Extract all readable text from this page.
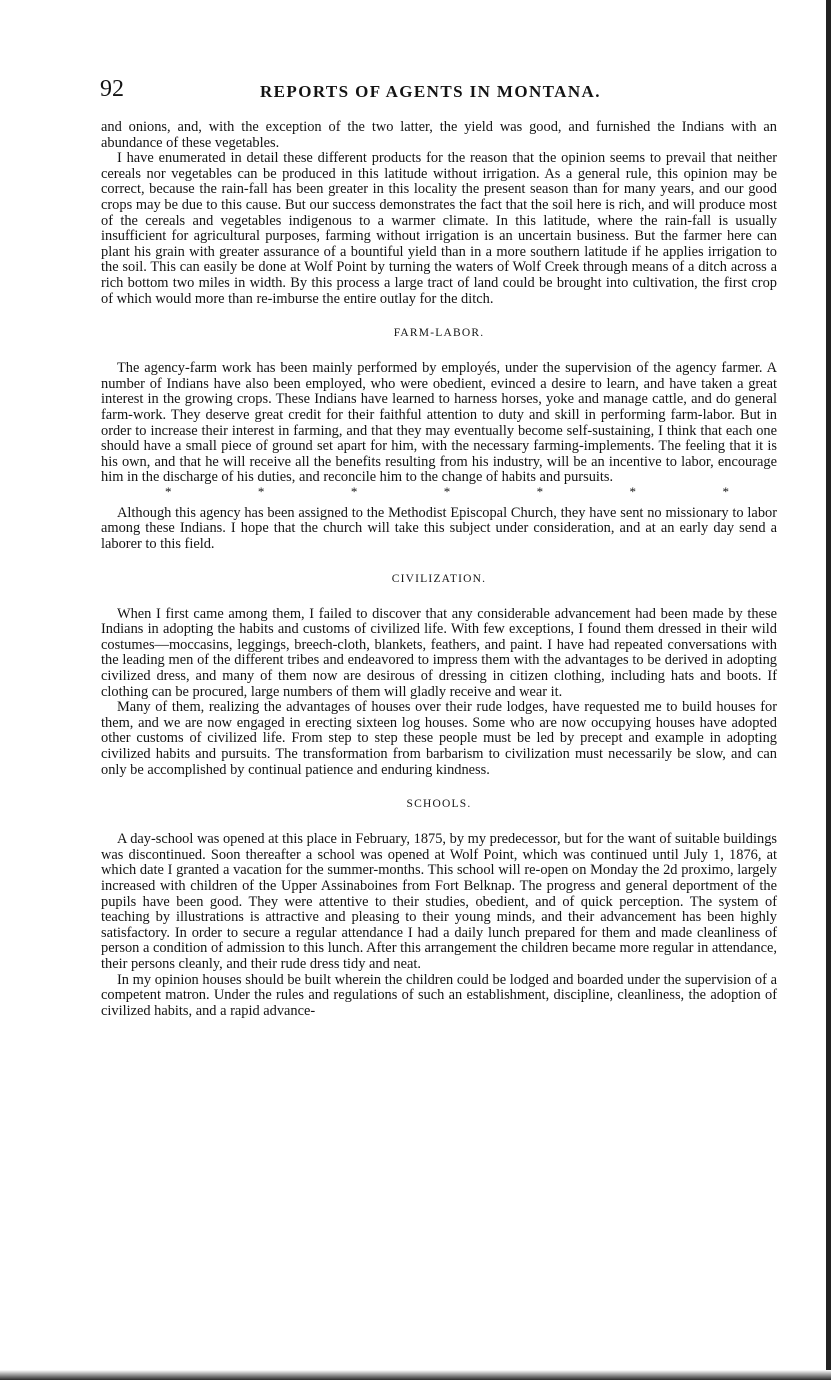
92	REPORTS OF AGENTS IN MONTANA.

and onions, and, with the exception of the two latter, the yield was good, and furnished the Indians with an abundance of these vegetables.

I have enumerated in detail these different products for the reason that the opinion seems to prevail that neither cereals nor vegetables can be produced in this latitude without irrigation. As a general rule, this opinion may be correct, because the rain-fall has been greater in this locality the present season than for many years, and our good crops may be due to this cause. But our success demonstrates the fact that the soil here is rich, and will produce most of the cereals and vegetables indigenous to a warmer climate. In this latitude, where the rain-fall is usually insufficient for agricultural purposes, farming without irrigation is an uncertain business. But the farmer here can plant his grain with greater assurance of a bountiful yield than in a more southern latitude if he applies irrigation to the soil. This can easily be done at Wolf Point by turning the waters of Wolf Creek through means of a ditch across a rich bottom two miles in width. By this process a large tract of land could be brought into cultivation, the first crop of which would more than re-imburse the entire outlay for the ditch.

FARM-LABOR.

The agency-farm work has been mainly performed by employés, under the supervision of the agency farmer. A number of Indians have also been employed, who were obedient, evinced a desire to learn, and have taken a great interest in the growing crops. These Indians have learned to harness horses, yoke and manage cattle, and do general farm-work. They deserve great credit for their faithful attention to duty and skill in performing farm-labor. But in order to increase their interest in farming, and that they may eventually become self-sustaining, I think that each one should have a small piece of ground set apart for him, with the necessary farming-implements. The feeling that it is his own, and that he will receive all the benefits resulting from his industry, will be an incentive to labor, encourage him in the discharge of his duties, and reconcile him to the change of habits and pursuits.

*	*	*	*	*	*	*

Although this agency has been assigned to the Methodist Episcopal Church, they have sent no missionary to labor among these Indians. I hope that the church will take this subject under consideration, and at an early day send a laborer to this field.

CIVILIZATION.

When I first came among them, I failed to discover that any considerable advancement had been made by these Indians in adopting the habits and customs of civilized life. With few exceptions, I found them dressed in their wild costumes—moccasins, leggings, breech-cloth, blankets, feathers, and paint. I have had repeated conversations with the leading men of the different tribes and endeavored to impress them with the advantages to be derived in adopting civilized dress, and many of them now are desirous of dressing in citizen clothing, including hats and boots. If clothing can be procured, large numbers of them will gladly receive and wear it.

Many of them, realizing the advantages of houses over their rude lodges, have requested me to build houses for them, and we are now engaged in erecting sixteen log houses. Some who are now occupying houses have adopted other customs of civilized life. From step to step these people must be led by precept and example in adopting civilized habits and pursuits. The transformation from barbarism to civilization must necessarily be slow, and can only be accomplished by continual patience and enduring kindness.

SCHOOLS.

A day-school was opened at this place in February, 1875, by my predecessor, but for the want of suitable buildings was discontinued. Soon thereafter a school was opened at Wolf Point, which was continued until July 1, 1876, at which date I granted a vacation for the summer-months. This school will re-open on Monday the 2d proximo, largely increased with children of the Upper Assinaboines from Fort Belknap. The progress and general deportment of the pupils have been good. They were attentive to their studies, obedient, and of quick perception. The system of teaching by illustrations is attractive and pleasing to their young minds, and their advancement has been highly satisfactory. In order to secure a regular attendance I had a daily lunch prepared for them and made cleanliness of person a condition of admission to this lunch. After this arrangement the children became more regular in attendance, their persons cleanly, and their rude dress tidy and neat.

In my opinion houses should be built wherein the children could be lodged and boarded under the supervision of a competent matron. Under the rules and regulations of such an establishment, discipline, cleanliness, the adoption of civilized habits, and a rapid advance-
